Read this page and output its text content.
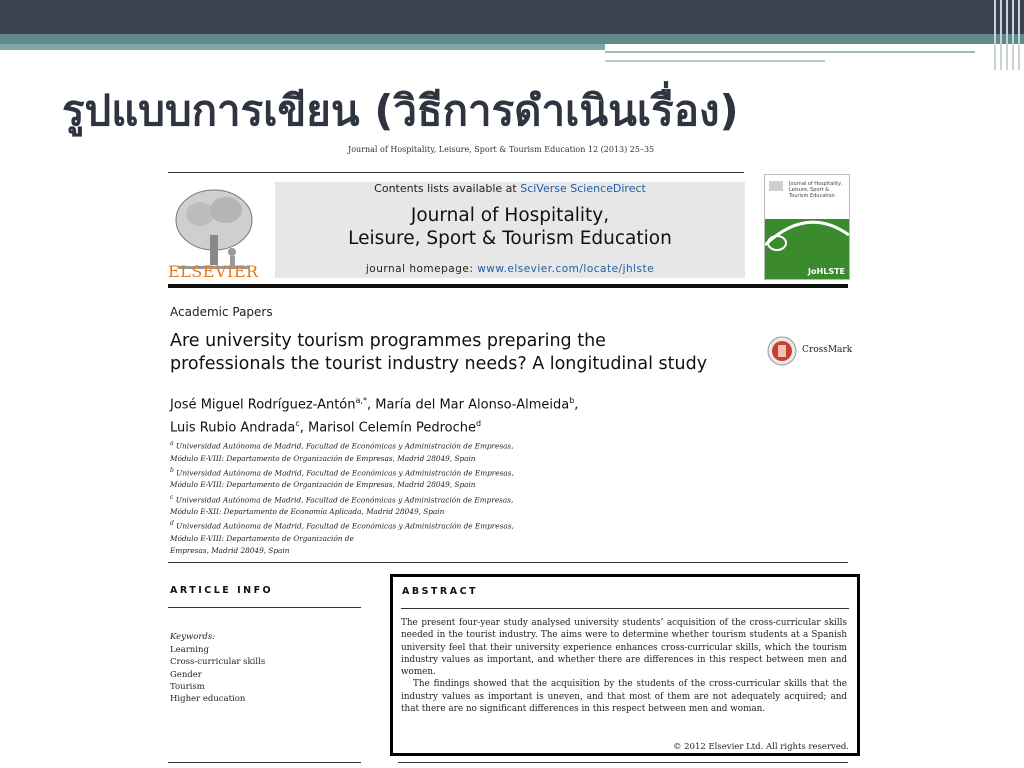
รูปแบบการเขียน (วิธีการดำเนินเรื่อง)
Journal of Hospitality, Leisure, Sport & Tourism Education 12 (2013) 25–35
ELSEVIER
Contents lists available at SciVerse ScienceDirect
Journal of Hospitality,
Leisure, Sport & Tourism Education
journal homepage: www.elsevier.com/locate/jhlste
Journal of Hospitality,
Leisure, Sport &
Tourism Education
JoHLSTE
Academic Papers
Are university tourism programmes preparing the
professionals the tourist industry needs? A longitudinal study
CrossMark
José Miguel Rodríguez-Antón$^{a,*}$, María del Mar Alonso-Almeida$^b$,
Luis Rubio Andrada$^c$, Marisol Celemín Pedroche$^d$
$^a$ Universidad Autónoma de Madrid, Facultad de Económicas y Administración de Empresas,
Módulo E-VIII: Departamento de Organización de Empresas, Madrid 28049, Spain
$^b$ Universidad Autónoma de Madrid, Facultad de Económicas y Administración de Empresas,
Módulo E-VIII: Departamento de Organización de Empresas, Madrid 28049, Spain
$^c$ Universidad Autónoma de Madrid, Facultad de Económicas y Administración de Empresas,
Módulo E-XII: Departamento de Economía Aplicada, Madrid 28049, Spain
$^d$ Universidad Autónoma de Madrid, Facultad de Económicas y Administración de Empresas,
Módulo E-VIII: Departamento de Organización de
Empresas, Madrid 28049, Spain
ARTICLE INFO
Keywords:
Learning
Cross-curricular skills
Gender
Tourism
Higher education
ABSTRACT

The present four-year study analysed university students’ acquisition of the cross-curricular skills needed in the tourist industry. The aims were to determine whether tourism students at a Spanish university feel that their university experience enhances cross-curricular skills, which the tourism industry values as important, and whether there are differences in this respect between men and women.

The findings showed that the acquisition by the students of the cross-curricular skills that the industry values as important is uneven, and that most of them are not adequately acquired; and that there are no significant differences in this respect between men and woman.

© 2012 Elsevier Ltd. All rights reserved.
